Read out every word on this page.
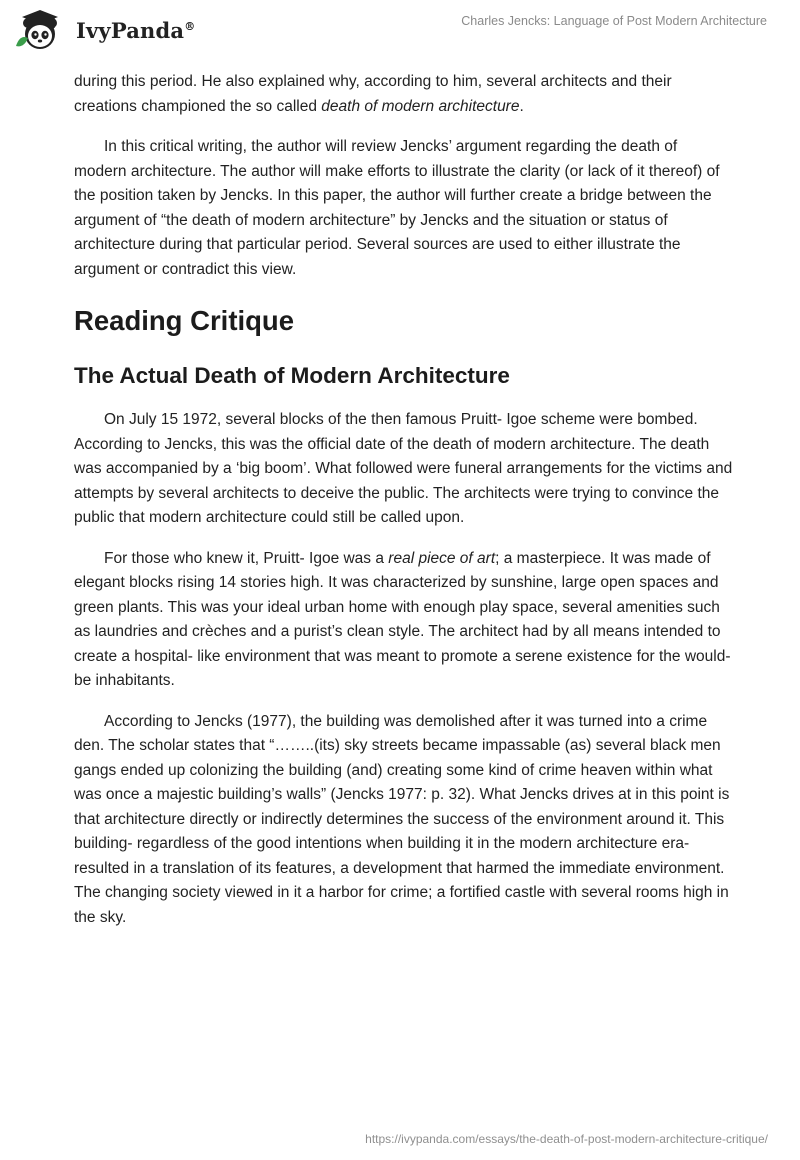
IvyPanda®	Charles Jencks: Language of Post Modern Architecture

during this period. He also explained why, according to him, several architects and their creations championed the so called death of modern architecture.

In this critical writing, the author will review Jencks’ argument regarding the death of modern architecture. The author will make efforts to illustrate the clarity (or lack of it thereof) of the position taken by Jencks. In this paper, the author will further create a bridge between the argument of “the death of modern architecture” by Jencks and the situation or status of architecture during that particular period. Several sources are used to either illustrate the argument or contradict this view.

Reading Critique
The Actual Death of Modern Architecture

On July 15 1972, several blocks of the then famous Pruitt- Igoe scheme were bombed. According to Jencks, this was the official date of the death of modern architecture. The death was accompanied by a ‘big boom’. What followed were funeral arrangements for the victims and attempts by several architects to deceive the public. The architects were trying to convince the public that modern architecture could still be called upon.

For those who knew it, Pruitt- Igoe was a real piece of art; a masterpiece. It was made of elegant blocks rising 14 stories high. It was characterized by sunshine, large open spaces and green plants. This was your ideal urban home with enough play space, several amenities such as laundries and crèches and a purist’s clean style. The architect had by all means intended to create a hospital- like environment that was meant to promote a serene existence for the would-be inhabitants.

According to Jencks (1977), the building was demolished after it was turned into a crime den. The scholar states that “……..(its) sky streets became impassable (as) several black men gangs ended up colonizing the building (and) creating some kind of crime heaven within what was once a majestic building’s walls” (Jencks 1977: p. 32). What Jencks drives at in this point is that architecture directly or indirectly determines the success of the environment around it. This building- regardless of the good intentions when building it in the modern architecture era- resulted in a translation of its features, a development that harmed the immediate environment. The changing society viewed in it a harbor for crime; a fortified castle with several rooms high in the sky.

https://ivypanda.com/essays/the-death-of-post-modern-architecture-critique/
